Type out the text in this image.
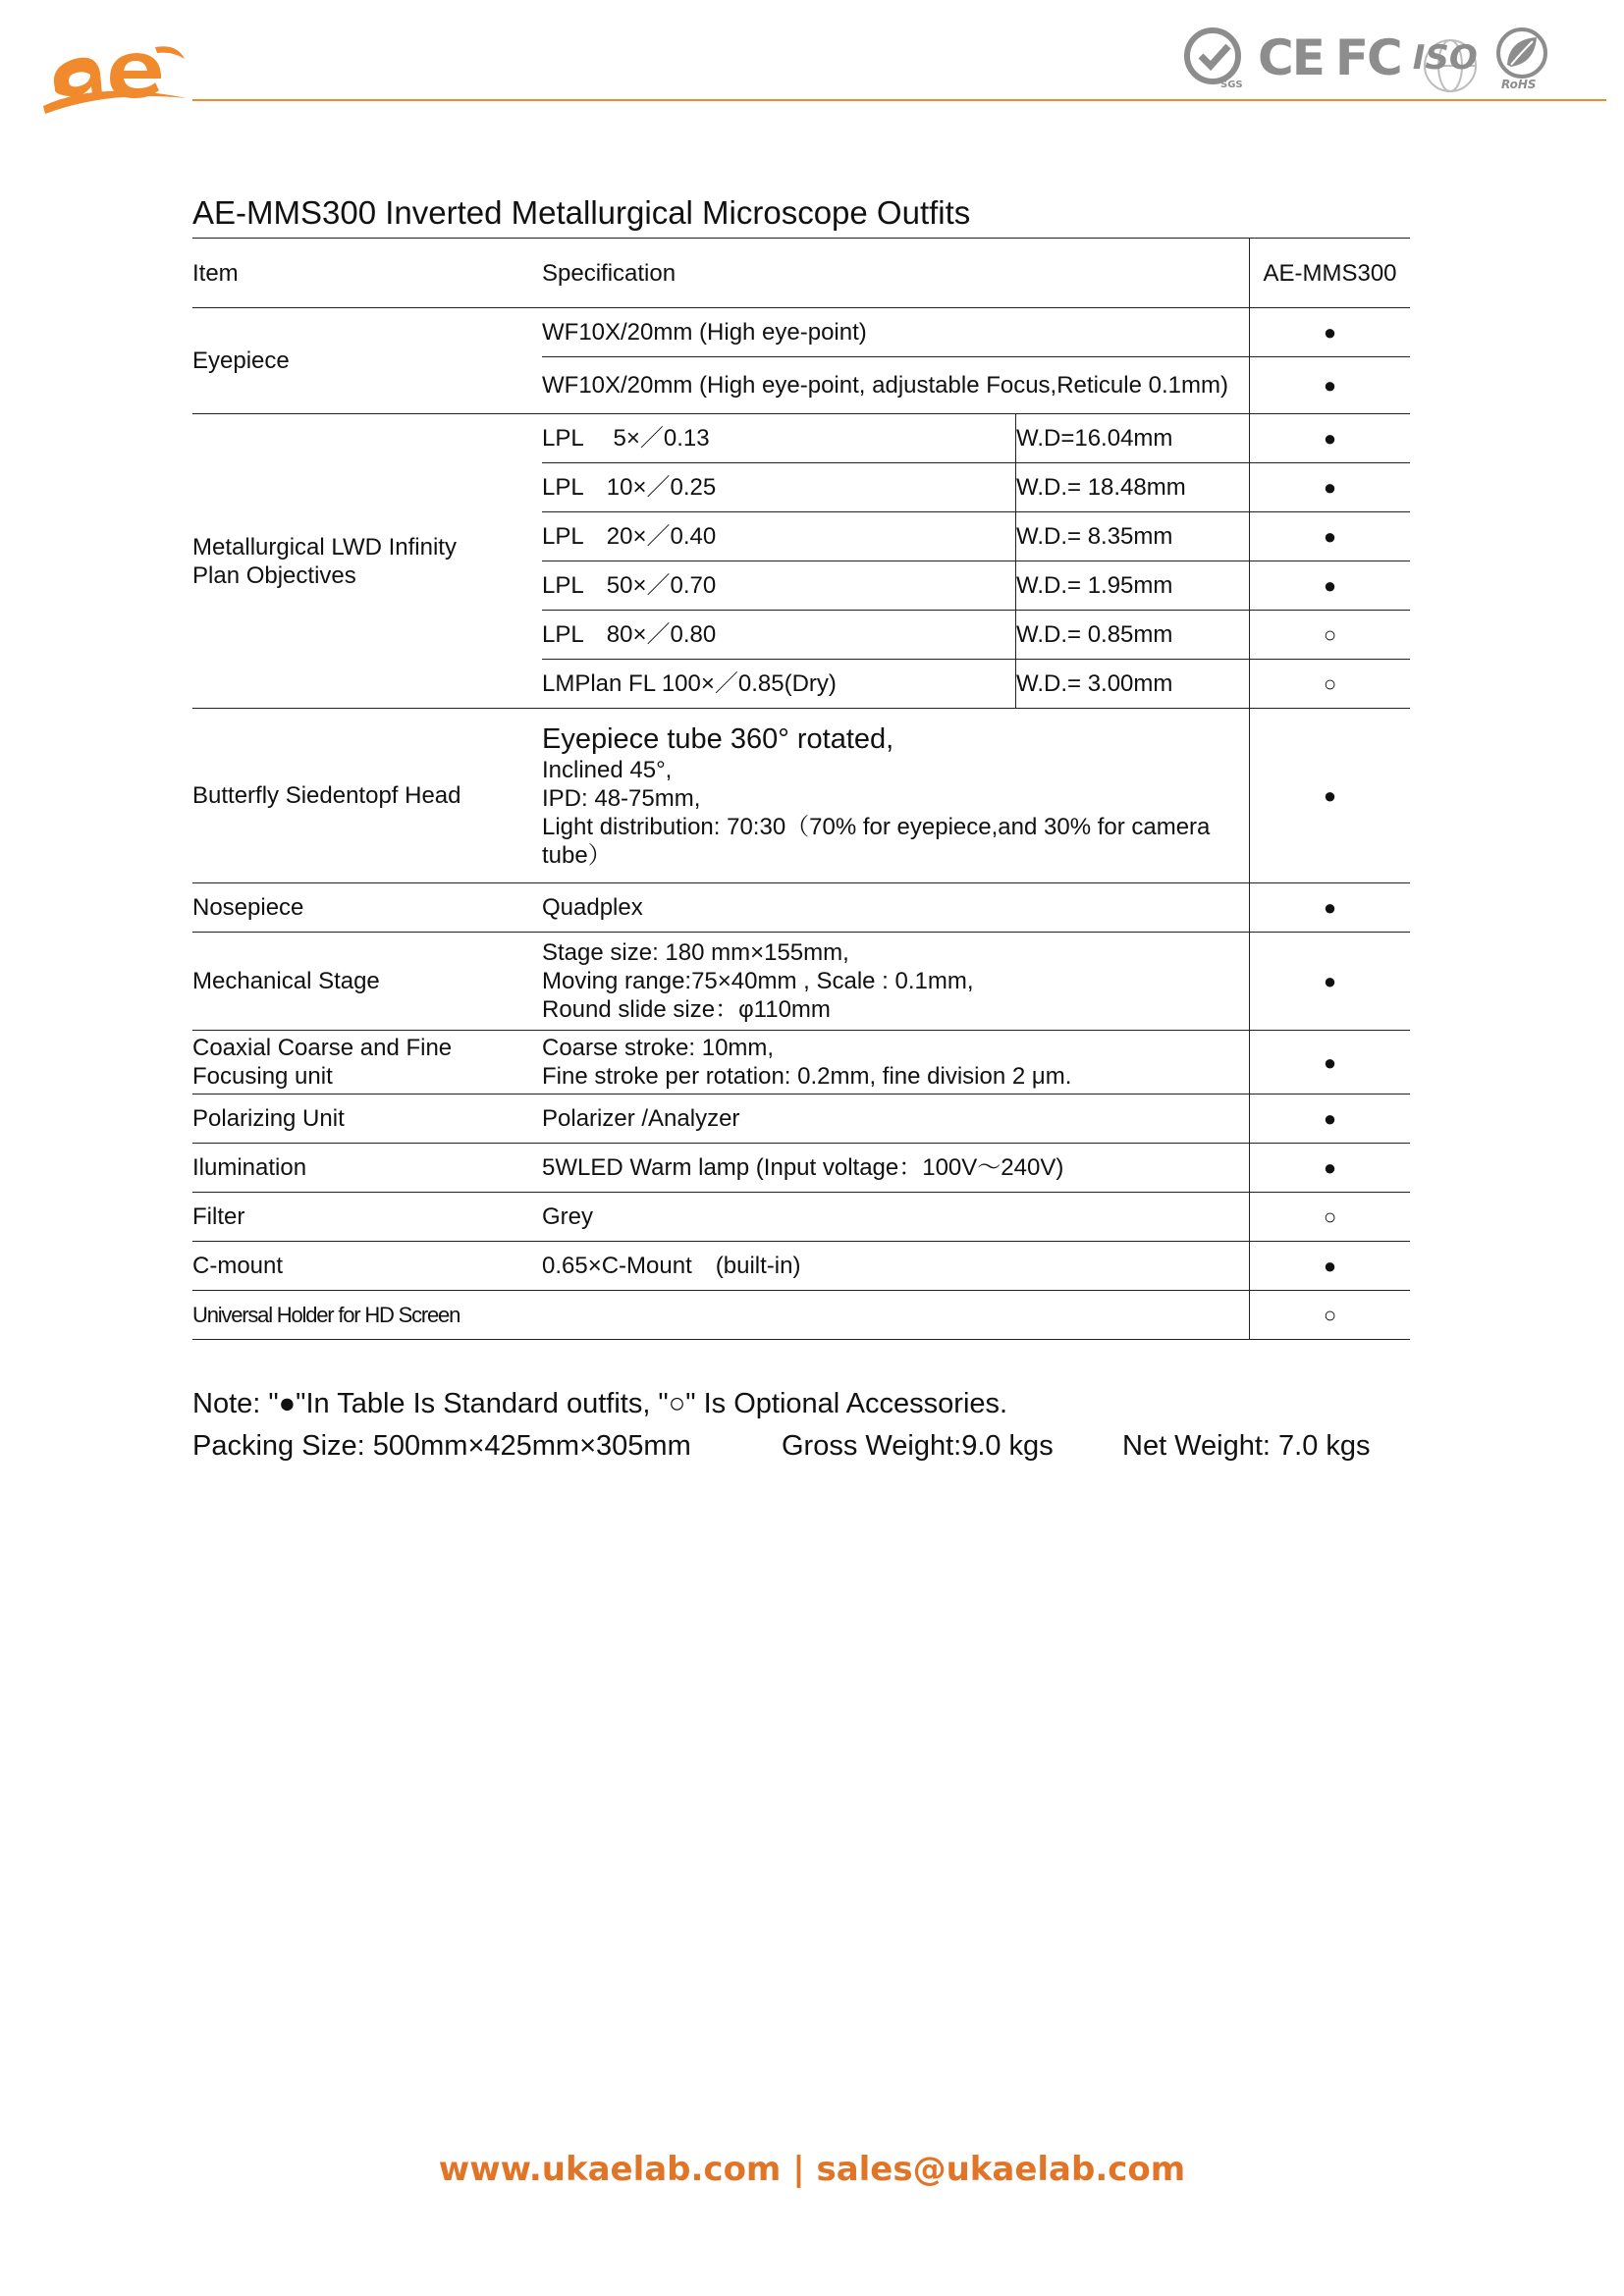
SGS CE FC ISO
RoHS
AE-MMS300 Inverted Metallurgical Microscope Outfits
Item	Specification		AE-MMS300
Eyepiece	WF10X/20mm (High eye-point)		●
	WF10X/20mm (High eye-point, adjustable Focus,Reticule 0.1mm)		●

Metallurgical LWD Infinity
Plan Objectives	LPL　 5×／0.13	W.D=16.04mm	●
	LPL　10×／0.25	W.D.= 18.48mm	●
	LPL　20×／0.40	W.D.= 8.35mm	●
	LPL　50×／0.70	W.D.= 1.95mm	●
	LPL　80×／0.80	W.D.= 0.85mm	○
	LMPlan FL 100×／0.85(Dry)	W.D.= 3.00mm	○
Butterfly Siedentopf Head	Eyepiece tube 360° rotated,
Inclined 45°,
IPD: 48-75mm,
Light distribution: 70:30（70% for eyepiece,and 30% for camera tube）		●
Nosepiece	Quadplex		●
Mechanical Stage	Stage size: 180 mm×155mm,
Moving range:75×40mm , Scale : 0.1mm,
Round slide size：φ110mm		●

Coaxial Coarse and Fine
Focusing unit	Coarse stroke: 10mm,
Fine stroke per rotation: 0.2mm, fine division 2 μm.		●
Polarizing Unit	Polarizer /Analyzer		●
Ilumination	5WLED Warm lamp (Input voltage：100V～240V)		●
Filter	Grey		○
C-mount	0.65×C-Mount　(built-in)		●
Universal Holder for HD Screen			○
Note: "●"In Table Is Standard outfits, "○" Is Optional Accessories.
Packing Size: 500mm×425mm×305mm	Gross Weight:9.0 kgs Net Weight: 7.0 kgs
www.ukaelab.com | sales@ukaelab.com
